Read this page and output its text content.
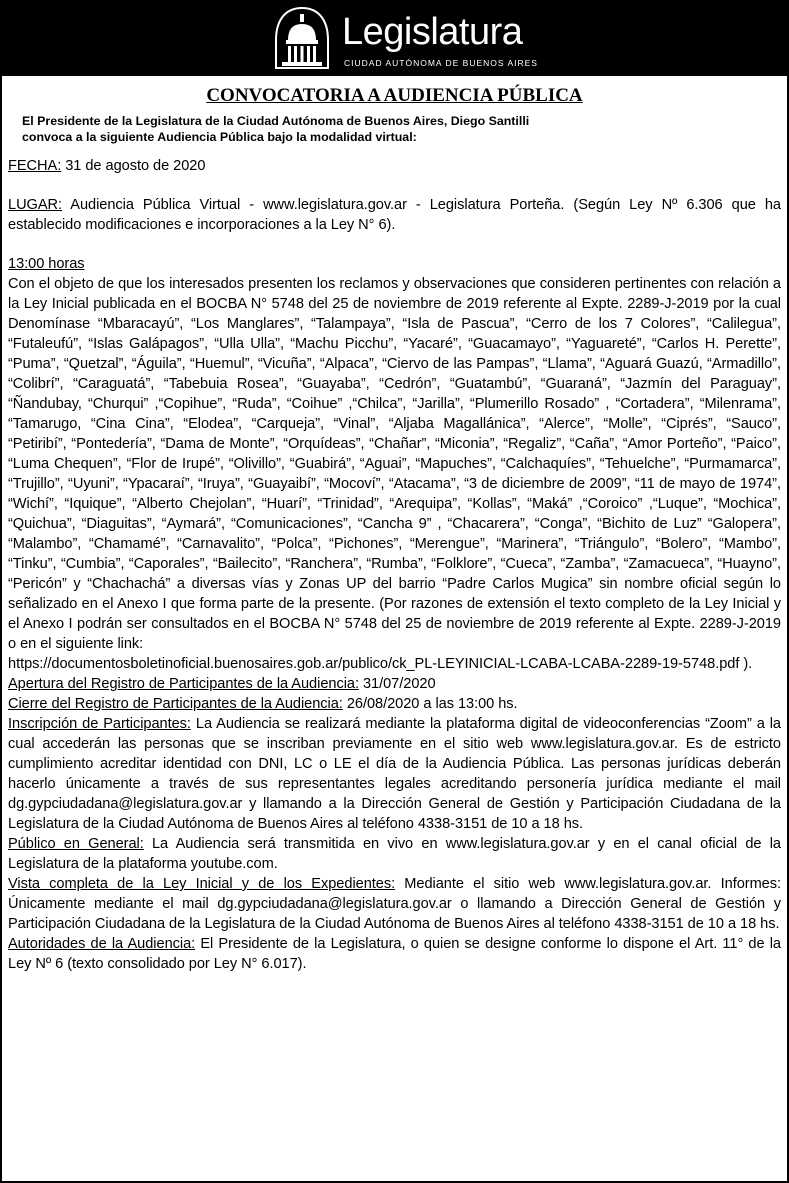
Legislatura
CIUDAD AUTÓNOMA DE BUENOS AIRES
CONVOCATORIA A AUDIENCIA PÚBLICA
El Presidente de la Legislatura de la Ciudad Autónoma de Buenos Aires, Diego Santilli
convoca a la siguiente Audiencia Pública bajo la modalidad virtual:

FECHA: 31 de agosto de 2020

LUGAR: Audiencia Pública Virtual - www.legislatura.gov.ar - Legislatura Porteña. (Según Ley Nº 6.306 que ha establecido modificaciones e incorporaciones a la Ley N° 6).

13:00 horas

Con el objeto de que los interesados presenten los reclamos y observaciones que consideren pertinentes con relación a la Ley Inicial publicada en el BOCBA N° 5748 del 25 de noviembre de 2019 referente al Expte. 2289-J-2019 por la cual Denomínase “Mbaracayú”, “Los Manglares”, “Talampaya”, “Isla de Pascua”, “Cerro de los 7 Colores”, “Calilegua”, “Futaleufú”, “Islas Galápagos”, “Ulla Ulla”, “Machu Picchu”, “Yacaré”, “Guacamayo”, “Yaguareté”, “Carlos H. Perette”, “Puma”, “Quetzal”, “Águila”, “Huemul”, “Vicuña”, “Alpaca”, “Ciervo de las Pampas”, “Llama”, “Aguará Guazú, “Armadillo”, “Colibrí”, “Caraguatá”, “Tabebuia Rosea”, “Guayaba”, “Cedrón”, “Guatambú”, “Guaraná”, “Jazmín del Paraguay”, “Ñandubay, “Churqui” ,“Copihue”, “Ruda”, “Coihue” ,“Chilca”, “Jarilla”, “Plumerillo Rosado” , “Cortadera”, “Milenrama”, “Tamarugo, “Cina Cina”, “Elodea”, “Carqueja”, “Vinal”, “Aljaba Magallánica”, “Alerce”, “Molle”, “Ciprés”, “Sauco”, “Petiribí”, “Pontedería”, “Dama de Monte”, “Orquídeas”, “Chañar”, “Miconia”, “Regaliz”, “Caña”, “Amor Porteño”, “Paico”, “Luma Chequen”, “Flor de Irupé”, “Olivillo”, “Guabirá”, “Aguai”, “Mapuches”, “Calchaquíes”, “Tehuelche”, “Purmamarca”, “Trujillo”, “Uyuni”, “Ypacaraí”, “Iruya”, “Guayaibí”, “Mocoví”, “Atacama”, “3 de diciembre de 2009”, “11 de mayo de 1974”, “Wichí”, “Iquique”, “Alberto Chejolan”, “Huarí”, “Trinidad”, “Arequipa”, “Kollas”, “Maká” ,“Coroico” ,“Luque”, “Mochica”, “Quichua”, “Diaguitas”, “Aymará”, “Comunicaciones”, “Cancha 9” , “Chacarera”, “Conga”, “Bichito de Luz” “Galopera”, “Malambo”, “Chamamé”, “Carnavalito”, “Polca”, “Pichones”, “Merengue”, “Marinera”, “Triángulo”, “Bolero”, “Mambo”, “Tinku”, “Cumbia”, “Caporales”, “Bailecito”, “Ranchera”, “Rumba”, “Folklore”, “Cueca”, “Zamba”, “Zamacueca”, “Huayno”, “Pericón” y “Chachachá” a diversas vías y Zonas UP del barrio “Padre Carlos Mugica” sin nombre oficial según lo señalizado en el Anexo I que forma parte de la presente. (Por razones de extensión el texto completo de la Ley Inicial y el Anexo I podrán ser consultados en el BOCBA N° 5748 del 25 de noviembre de 2019 referente al Expte. 2289-J-2019 o en el siguiente link:

https://documentosboletinoficial.buenosaires.gob.ar/publico/ck_PL-LEYINICIAL-LCABA-LCABA-2289-19-5748.pdf ).

Apertura del Registro de Participantes de la Audiencia: 31/07/2020

Cierre del Registro de Participantes de la Audiencia: 26/08/2020 a las 13:00 hs.

Inscripción de Participantes: La Audiencia se realizará mediante la plataforma digital de videoconferencias “Zoom” a la cual accederán las personas que se inscriban previamente en el sitio web www.legislatura.gov.ar. Es de estricto cumplimiento acreditar identidad con DNI, LC o LE el día de la Audiencia Pública. Las personas jurídicas deberán hacerlo únicamente a través de sus representantes legales acreditando personería jurídica mediante el mail dg.gypciudadana@legislatura.gov.ar y llamando a la Dirección General de Gestión y Participación Ciudadana de la Legislatura de la Ciudad Autónoma de Buenos Aires al teléfono 4338-3151 de 10 a 18 hs.

Público en General: La Audiencia será transmitida en vivo en www.legislatura.gov.ar y en el canal oficial de la Legislatura de la plataforma youtube.com.

Vista completa de la Ley Inicial y de los Expedientes: Mediante el sitio web www.legislatura.gov.ar. Informes: Únicamente mediante el mail dg.gypciudadana@legislatura.gov.ar o llamando a Dirección General de Gestión y Participación Ciudadana de la Legislatura de la Ciudad Autónoma de Buenos Aires al teléfono 4338-3151 de 10 a 18 hs.

Autoridades de la Audiencia: El Presidente de la Legislatura, o quien se designe conforme lo dispone el Art. 11° de la Ley Nº 6 (texto consolidado por Ley N° 6.017).
